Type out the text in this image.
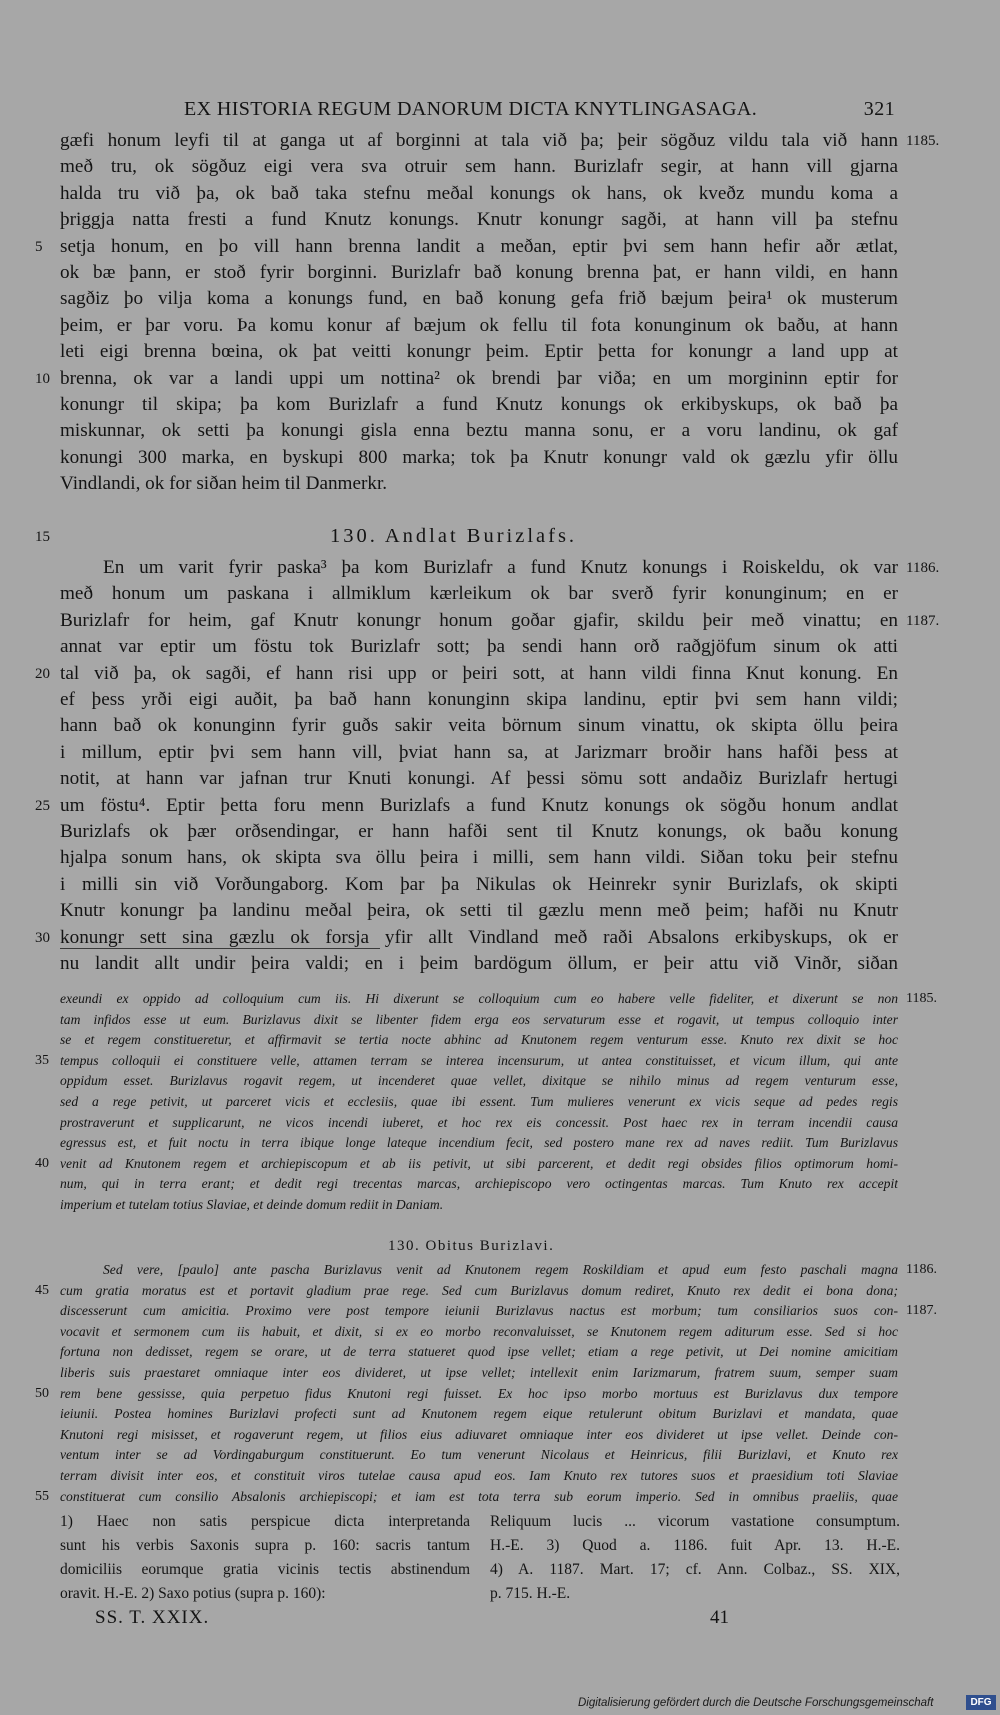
EX HISTORIA REGUM DANORUM DICTA KNYTLINGASAGA.	321
gæfi honum leyfi til at ganga ut af borginni at tala við þa; þeir sögðuz vildu tala við hann 1185.
með tru, ok sögðuz eigi vera sva otruir sem hann. Burizlafr segir, at hann vill gjarna
halda tru við þa, ok bað taka stefnu meðal konungs ok hans, ok kveðz mundu koma a
þriggja natta fresti a fund Knutz konungs. Knutr konungr sagði, at hann vill þa stefnu
5 setja honum, en þo vill hann brenna landit a meðan, eptir þvi sem hann hefir aðr ætlat,
ok bæ þann, er stoð fyrir borginni. Burizlafr bað konung brenna þat, er hann vildi, en hann
sagðiz þo vilja koma a konungs fund, en bað konung gefa frið bæjum þeira¹ ok musterum
þeim, er þar voru. Þa komu konur af bæjum ok fellu til fota konunginum ok baðu, at hann
leti eigi brenna bœina, ok þat veitti konungr þeim. Eptir þetta for konungr a land upp at
10 brenna, ok var a landi uppi um nottina² ok brendi þar viða; en um morgininn eptir for
konungr til skipa; þa kom Burizlafr a fund Knutz konungs ok erkibyskups, ok bað þa
miskunnar, ok setti þa konungi gisla enna beztu manna sonu, er a voru landinu, ok gaf
konungi 300 marka, en byskupi 800 marka; tok þa Knutr konungr vald ok gæzlu yfir öllu
Vindlandi, ok for siðan heim til Danmerkr.
15	130. Andlat Burizlafs.
En um varit fyrir paska³ þa kom Burizlafr a fund Knutz konungs i Roiskeldu, ok var 1186.
með honum um paskana i allmiklum kærleikum ok bar sverð fyrir konunginum; en er
Burizlafr for heim, gaf Knutr konungr honum goðar gjafir, skildu þeir með vinattu; en 1187.
annat var eptir um föstu tok Burizlafr sott; þa sendi hann orð raðgjöfum sinum ok atti
20 tal við þa, ok sagði, ef hann risi upp or þeiri sott, at hann vildi finna Knut konung. En
ef þess yrði eigi auðit, þa bað hann konunginn skipa landinu, eptir þvi sem hann vildi;
hann bað ok konunginn fyrir guðs sakir veita börnum sinum vinattu, ok skipta öllu þeira
i millum, eptir þvi sem hann vill, þviat hann sa, at Jarizmarr broðir hans hafði þess at
notit, at hann var jafnan trur Knuti konungi. Af þessi sömu sott andaðiz Burizlafr hertugi
25 um föstu⁴. Eptir þetta foru menn Burizlafs a fund Knutz konungs ok sögðu honum andlat
Burizlafs ok þær orðsendingar, er hann hafði sent til Knutz konungs, ok baðu konung
hjalpa sonum hans, ok skipta sva öllu þeira i milli, sem hann vildi. Siðan toku þeir stefnu
i milli sin við Vorðungaborg. Kom þar þa Nikulas ok Heinrekr synir Burizlafs, ok skipti
Knutr konungr þa landinu meðal þeira, ok setti til gæzlu menn með þeim; hafði nu Knutr
30 konungr sett sina gæzlu ok forsja yfir allt Vindland með raði Absalons erkibyskups, ok er
nu landit allt undir þeira valdi; en i þeim bardögum öllum, er þeir attu við Vinðr, siðan
exeundi ex oppido ad colloquium cum iis. Hi dixerunt se colloquium cum eo habere velle fideliter, et dixerunt se non 1185.
tam infidos esse ut eum. Burizlavus dixit se libenter fidem erga eos servaturum esse et rogavit, ut tempus colloquio inter
se et regem constitueretur, et affirmavit se tertia nocte abhinc ad Knutonem regem venturum esse. Knuto rex dixit se hoc
35 tempus colloquii ei constituere velle, attamen terram se interea incensurum, ut antea constituisset, et vicum illum, qui ante
oppidum esset. Burizlavus rogavit regem, ut incenderet quae vellet, dixitque se nihilo minus ad regem venturum esse,
sed a rege petivit, ut parceret vicis et ecclesiis, quae ibi essent. Tum mulieres venerunt ex vicis seque ad pedes regis
prostraverunt et supplicarunt, ne vicos incendi iuberet, et hoc rex eis concessit. Post haec rex in terram incendii causa
egressus est, et fuit noctu in terra ibique longe lateque incendium fecit, sed postero mane rex ad naves rediit. Tum Burizlavus
40 venit ad Knutonem regem et archiepiscopum et ab iis petivit, ut sibi parcerent, et dedit regi obsides filios optimorum homi-
num, qui in terra erant; et dedit regi trecentas marcas, archiepiscopo vero octingentas marcas. Tum Knuto rex accepit
imperium et tutelam totius Slaviae, et deinde domum rediit in Daniam.
130. Obitus Burizlavi.
Sed vere, [paulo] ante pascha Burizlavus venit ad Knutonem regem Roskildiam et apud eum festo paschali magna 1186.
45 cum gratia moratus est et portavit gladium prae rege. Sed cum Burizlavus domum rediret, Knuto rex dedit ei bona dona;
discesserunt cum amicitia. Proximo vere post tempore ieiunii Burizlavus nactus est morbum; tum consiliarios suos con- 1187.
vocavit et sermonem cum iis habuit, et dixit, si ex eo morbo reconvaluisset, se Knutonem regem aditurum esse. Sed si hoc
fortuna non dedisset, regem se orare, ut de terra statueret quod ipse vellet; etiam a rege petivit, ut Dei nomine amicitiam
liberis suis praestaret omniaque inter eos divideret, ut ipse vellet; intellexit enim Iarizmarum, fratrem suum, semper suam
50 rem bene gessisse, quia perpetuo fidus Knutoni regi fuisset. Ex hoc ipso morbo mortuus est Burizlavus dux tempore
ieiunii. Postea homines Burizlavi profecti sunt ad Knutonem regem eique retulerunt obitum Burizlavi et mandata, quae
Knutoni regi misisset, et rogaverunt regem, ut filios eius adiuvaret omniaque inter eos divideret ut ipse vellet. Deinde con-
ventum inter se ad Vordingaburgum constituerunt. Eo tum venerunt Nicolaus et Heinricus, filii Burizlavi, et Knuto rex
terram divisit inter eos, et constituit viros tutelae causa apud eos. Iam Knuto rex tutores suos et praesidium toti Slaviae
55 constituerat cum consilio Absalonis archiepiscopi; et iam est tota terra sub eorum imperio. Sed in omnibus praeliis, quae
1) Haec non satis perspicue dicta interpretanda
sunt his verbis Saxonis supra p. 160: sacris tantum
domiciliis eorumque gratia vicinis tectis abstinendum
oravit. H.-E. 2) Saxo potius (supra p. 160):
Reliquum lucis ... vicorum vastatione consumptum.
H.-E. 3) Quod a. 1186. fuit Apr. 13. H.-E.
4) A. 1187. Mart. 17; cf. Ann. Colbaz., SS. XIX,
p. 715. H.-E.
SS. T. XXIX.	41
Digitalisierung gefördert durch die Deutsche Forschungsgemeinschaft	DFG
